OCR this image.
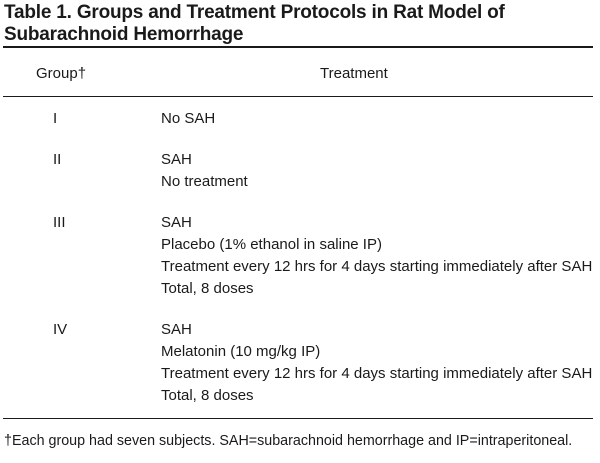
Table 1. Groups and Treatment Protocols in Rat Model of
Subarachnoid Hemorrhage
Group†	Treatment
I	No SAH
II	SAH
No treatment
III	SAH
Placebo (1% ethanol in saline IP)
Treatment every 12 hrs for 4 days starting immediately after SAH
Total, 8 doses
IV	SAH
Melatonin (10 mg/kg IP)
Treatment every 12 hrs for 4 days starting immediately after SAH
Total, 8 doses
†Each group had seven subjects. SAH=subarachnoid hemorrhage and IP=intraperitoneal.
